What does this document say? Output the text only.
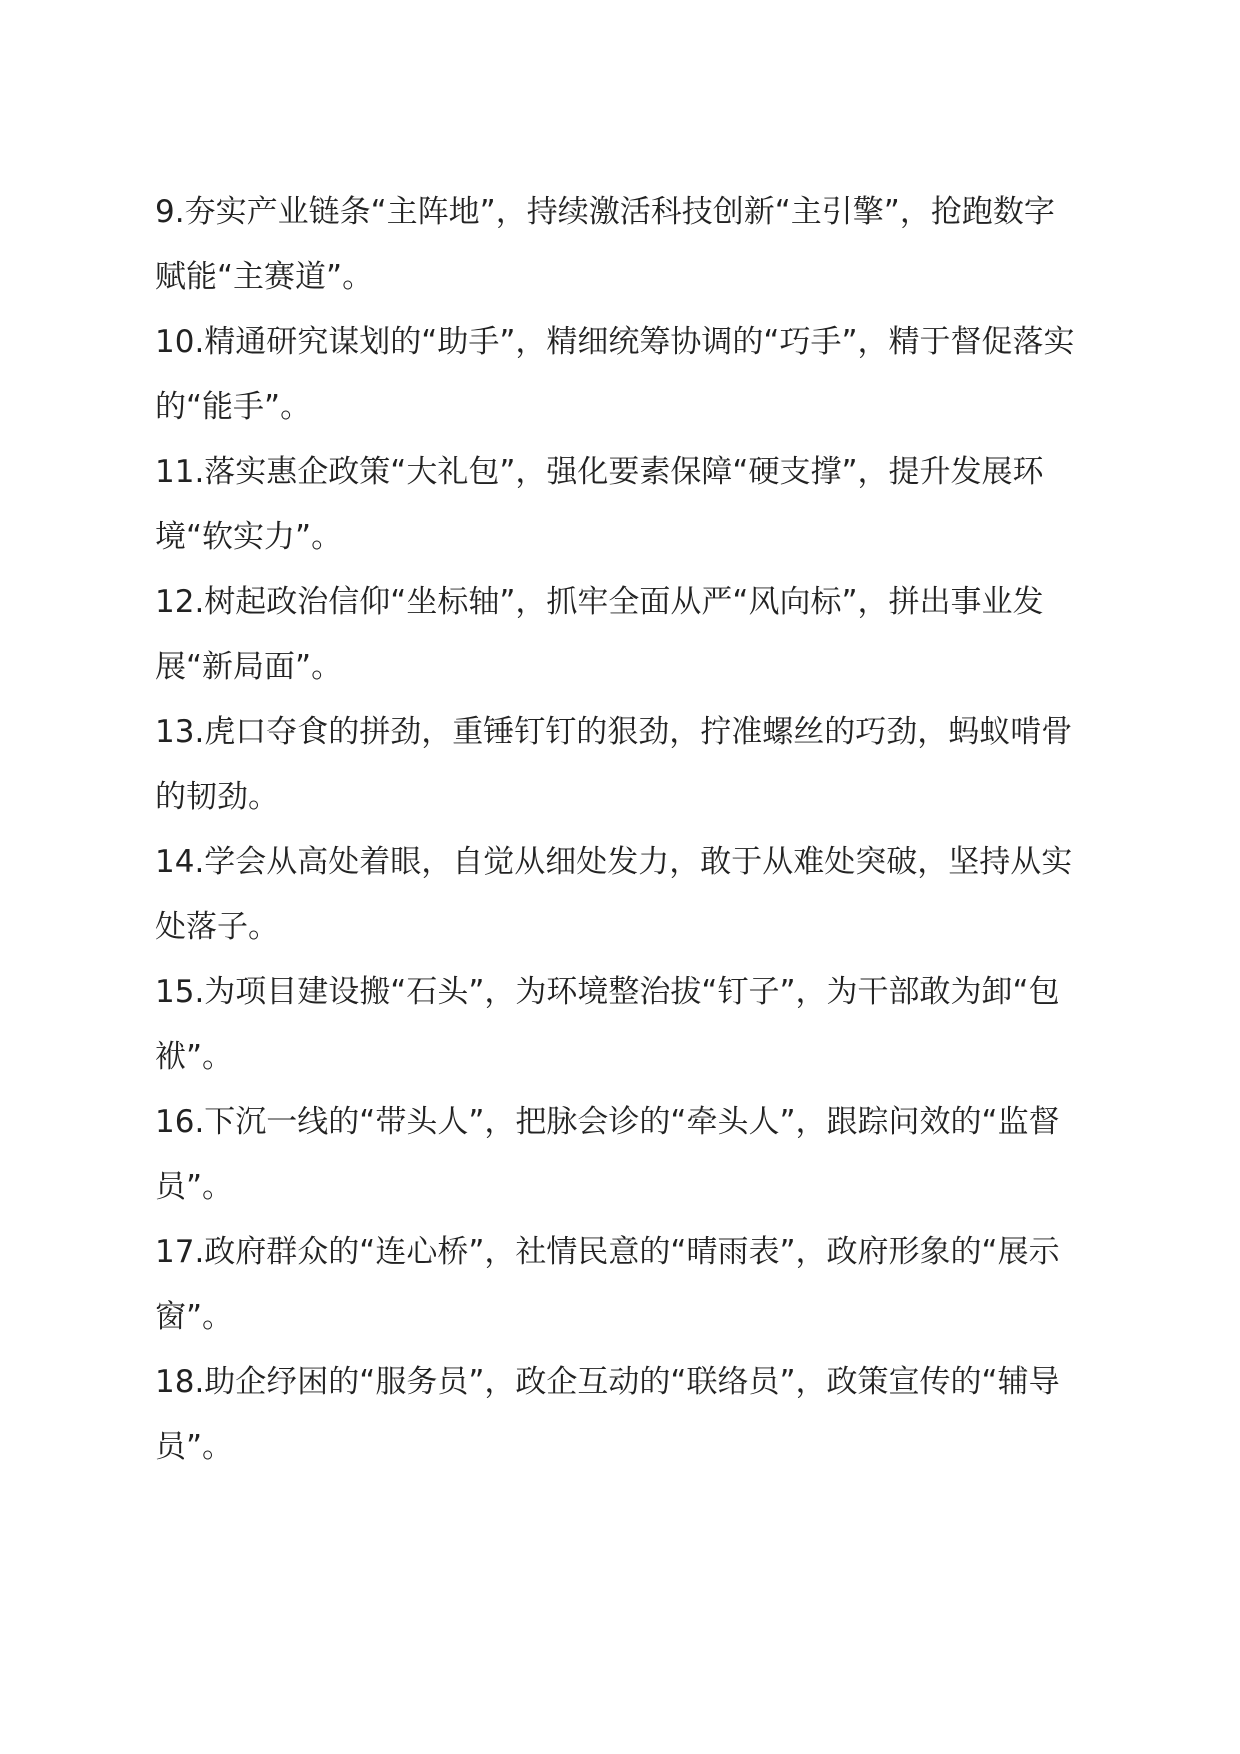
9.夯实产业链条“主阵地”，持续激活科技创新“主引擎”，抢跑数字赋能“主赛道”。

10.精通研究谋划的“助手”，精细统筹协调的“巧手”，精于督促落实的“能手”。

11.落实惠企政策“大礼包”，强化要素保障“硬支撑”，提升发展环境“软实力”。

12.树起政治信仰“坐标轴”，抓牢全面从严“风向标”，拼出事业发展“新局面”。

13.虎口夺食的拼劲，重锤钉钉的狠劲，拧准螺丝的巧劲，蚂蚁啃骨的韧劲。

14.学会从高处着眼，自觉从细处发力，敢于从难处突破，坚持从实处落子。

15.为项目建设搬“石头”，为环境整治拔“钉子”，为干部敢为卸“包袱”。

16.下沉一线的“带头人”，把脉会诊的“牵头人”，跟踪问效的“监督员”。

17.政府群众的“连心桥”，社情民意的“晴雨表”，政府形象的“展示窗”。

18.助企纾困的“服务员”，政企互动的“联络员”，政策宣传的“辅导员”。
